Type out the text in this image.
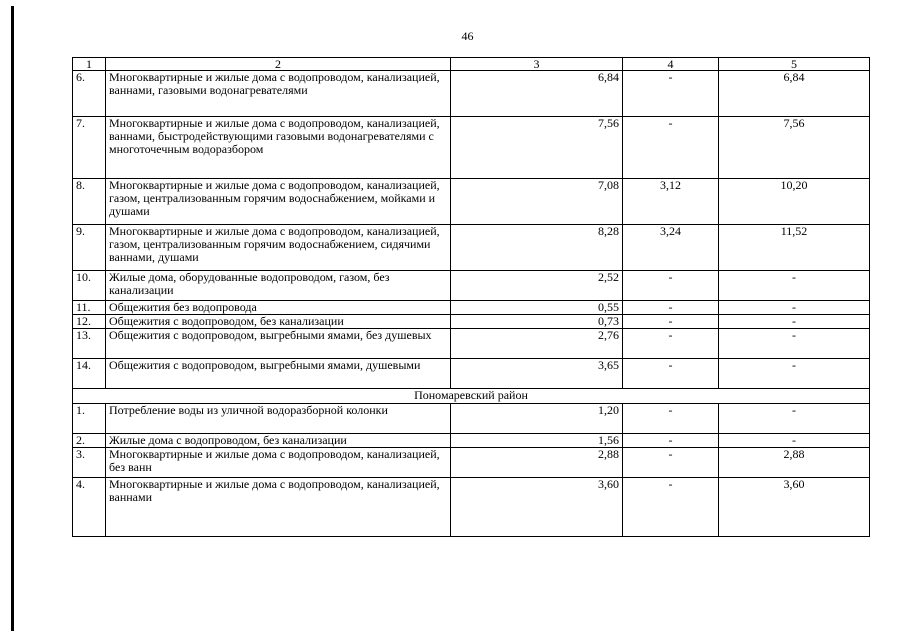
46
1	2	3	4	5
6.	Многоквартирные и жилые дома с водопроводом, канализацией, ваннами, газовыми водонагревателями	6,84	-	6,84
7.	Многоквартирные и жилые дома с водопроводом, канализацией, ваннами, быстродействующими газовыми водонагревателями с многоточечным водоразбором	7,56	-	7,56
8.	Многоквартирные и жилые дома с водопроводом, канализацией, газом, централизованным горячим водоснабжением, мойками и душами	7,08	3,12	10,20
9.	Многоквартирные и жилые дома с водопроводом, канализацией, газом, централизованным горячим водоснабжением, сидячими ваннами, душами	8,28	3,24	11,52
10.	Жилые дома, оборудованные водопроводом, газом, без канализации	2,52	-	-
11.	Общежития без водопровода	0,55	-	-
12.	Общежития с водопроводом, без канализации	0,73	-	-
13.	Общежития с водопроводом, выгребными ямами, без душевых	2,76	-	-
14.	Общежития с водопроводом, выгребными ямами, душевыми	3,65	-	-
Пономаревский район				
1.	Потребление воды из уличной водоразборной колонки	1,20	-	-
2.	Жилые дома с водопроводом, без канализации	1,56	-	-
3.	Многоквартирные и жилые дома с водопроводом, канализацией, без ванн	2,88	-	2,88
4.	Многоквартирные и жилые дома с водопроводом, канализацией, ваннами	3,60	-	3,60
